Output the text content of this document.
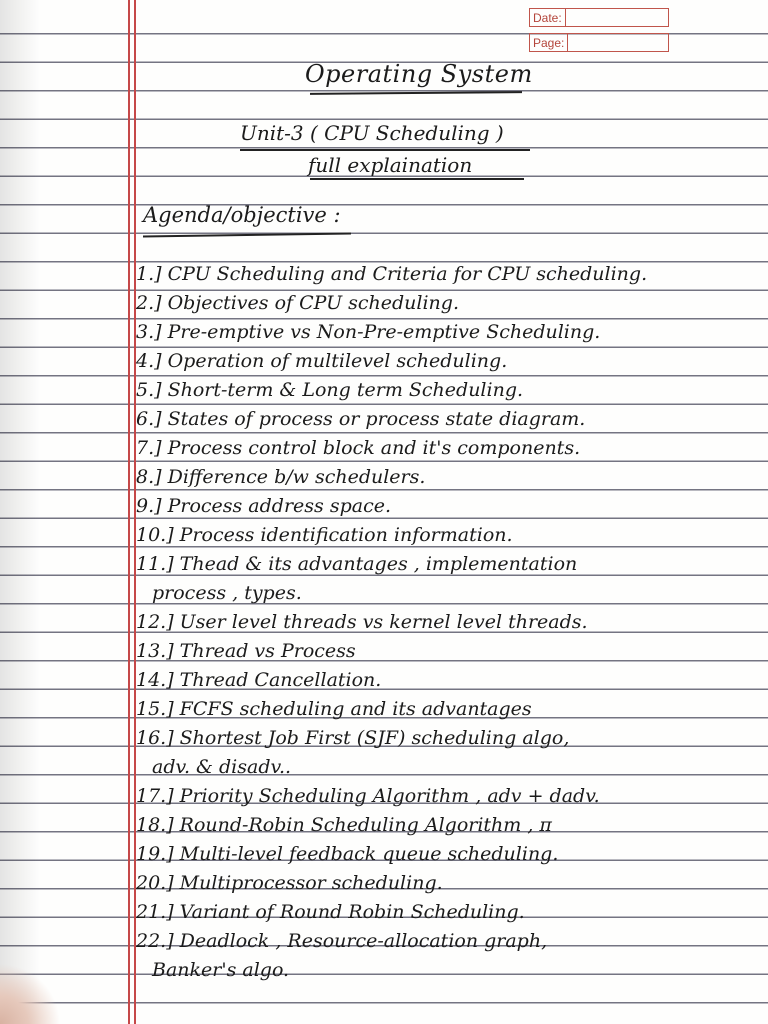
Date:
Page:
Operating System
Unit-3 ( CPU Scheduling )
full explaination
Agenda/objective :
1.] CPU Scheduling and Criteria for CPU scheduling.
2.] Objectives of CPU scheduling.
3.] Pre-emptive vs Non-Pre-emptive Scheduling.
4.] Operation of multilevel scheduling.
5.] Short-term & Long term Scheduling.
6.] States of process or process state diagram.
7.] Process control block and it's components.
8.] Difference b/w schedulers.
9.] Process address space.
10.] Process identification information.
11.] Thead & its advantages , implementation
process , types.
12.] User level threads vs kernel level threads.
13.] Thread vs Process
14.] Thread Cancellation.
15.] FCFS scheduling and its advantages
16.] Shortest Job First (SJF) scheduling algo,
adv. & disadv..
17.] Priority Scheduling Algorithm , adv + dadv.
18.] Round-Robin Scheduling Algorithm , π
19.] Multi-level feedback queue scheduling.
20.] Multiprocessor scheduling.
21.] Variant of Round Robin Scheduling.
22.] Deadlock , Resource-allocation graph,
Banker's algo.
